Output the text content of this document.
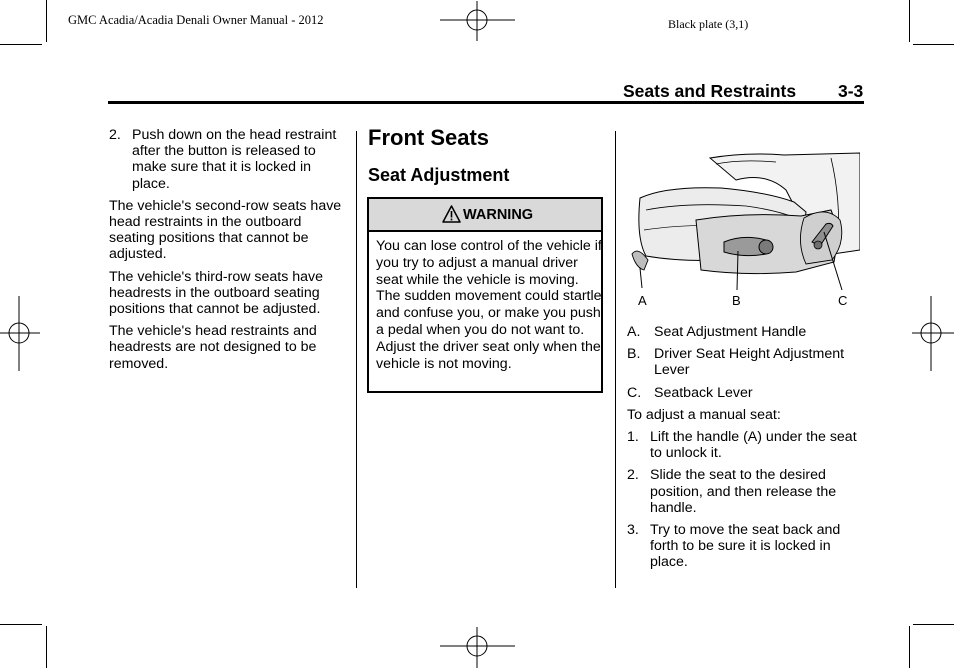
GMC Acadia/Acadia Denali Owner Manual - 2012	Black plate (3,1)
Seats and Restraints 3-3
2. Push down on the head restraint after the button is released to make sure that it is locked in place.

The vehicle's second-row seats have head restraints in the outboard seating positions that cannot be adjusted.

The vehicle's third-row seats have headrests in the outboard seating positions that cannot be adjusted.

The vehicle's head restraints and headrests are not designed to be removed.

Front Seats
Seat Adjustment
WARNING
You can lose control of the vehicle if you try to adjust a manual driver seat while the vehicle is moving. The sudden movement could startle and confuse you, or make you push a pedal when you do not want to. Adjust the driver seat only when the vehicle is not moving.
A	B	C
A. Seat Adjustment Handle
B. Driver Seat Height Adjustment Lever
C. Seatback Lever

To adjust a manual seat:

1. Lift the handle (A) under the seat to unlock it.
2. Slide the seat to the desired position, and then release the handle.
3. Try to move the seat back and forth to be sure it is locked in place.
